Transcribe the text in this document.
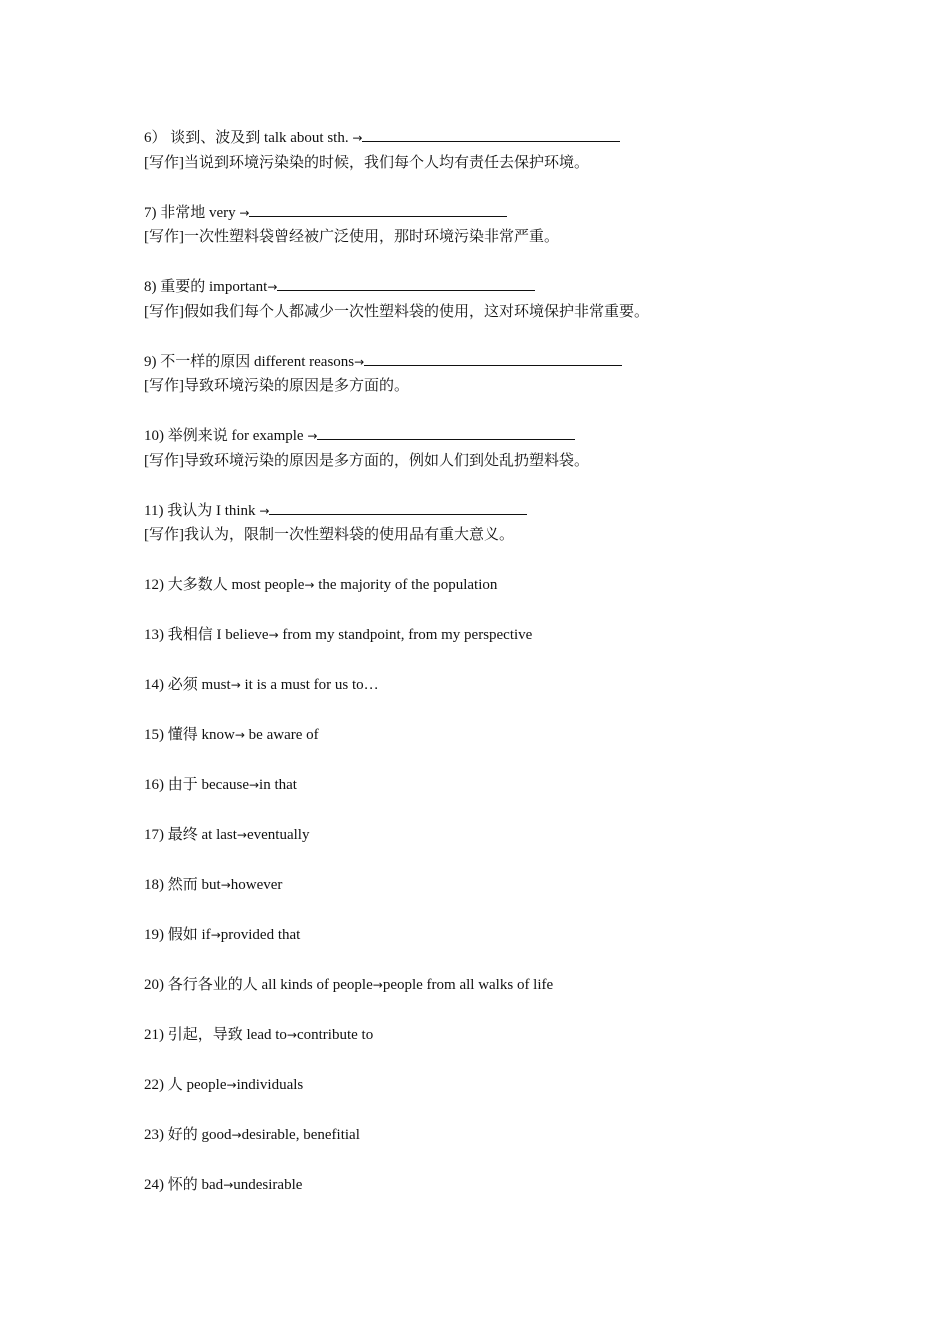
6） 谈到、波及到 talk about sth. →
[写作]当说到环境污染染的时候，我们每个人均有责任去保护环境。
7) 非常地 very →
[写作]一次性塑料袋曾经被广泛使用，那时环境污染非常严重。
8) 重要的 important→
[写作]假如我们每个人都减少一次性塑料袋的使用，这对环境保护非常重要。
9) 不一样的原因 different reasons→
[写作]导致环境污染的原因是多方面的。
10) 举例来说 for example →
[写作]导致环境污染的原因是多方面的，例如人们到处乱扔塑料袋。
11) 我认为 I think →
[写作]我认为，限制一次性塑料袋的使用品有重大意义。
12) 大多数人 most people→ the majority of the population
13) 我相信 I believe→ from my standpoint, from my perspective
14) 必须 must→ it is a must for us to…
15) 懂得 know→ be aware of
16) 由于 because→in that
17) 最终 at last→eventually
18) 然而 but→however
19) 假如 if→provided that
20) 各行各业的人 all kinds of people→people from all walks of life
21) 引起，导致 lead to→contribute to
22) 人 people→individuals
23) 好的 good→desirable, benefitial
24) 怀的 bad→undesirable
